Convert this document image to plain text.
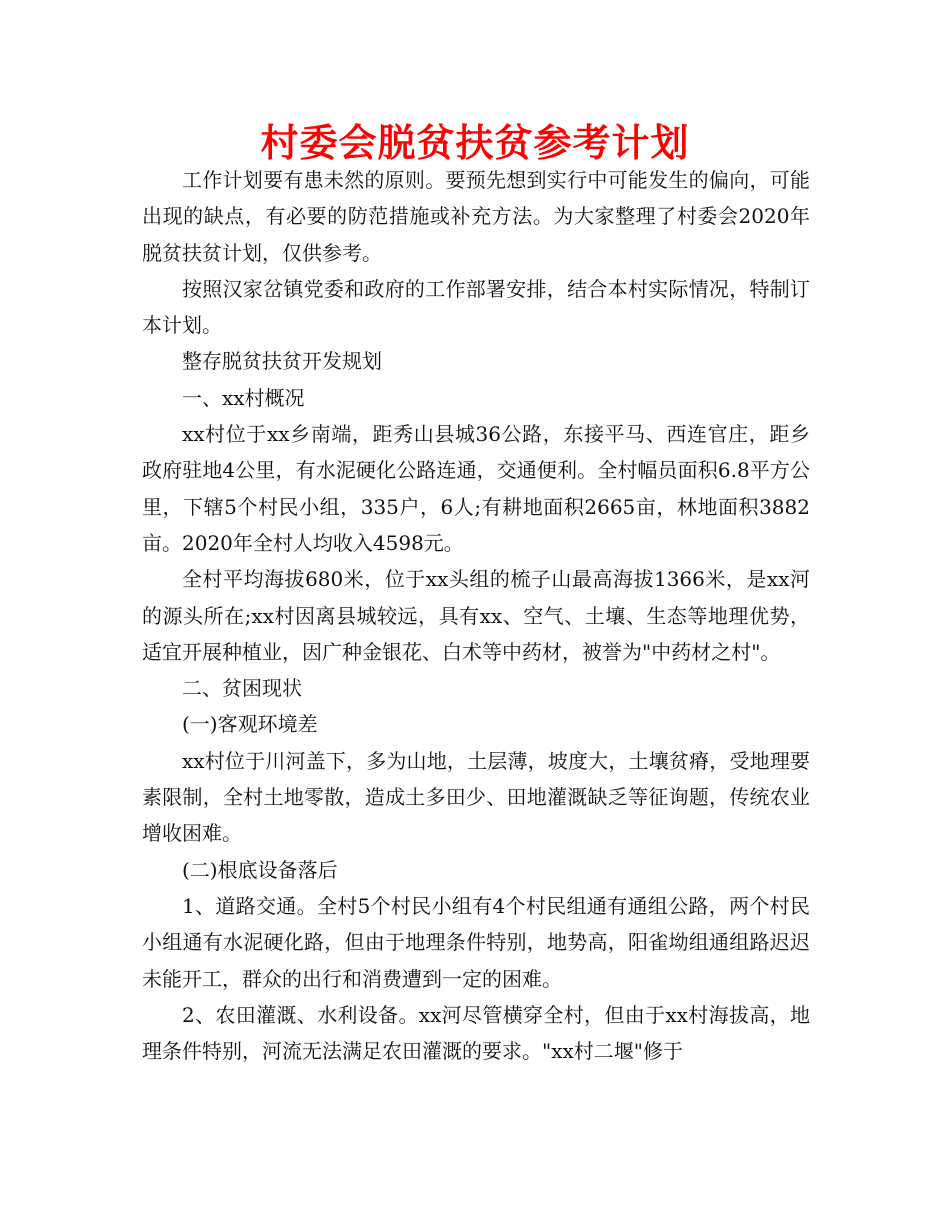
村委会脱贫扶贫参考计划

工作计划要有患未然的原则。要预先想到实行中可能发生的偏向，可能出现的缺点，有必要的防范措施或补充方法。为大家整理了村委会2020年脱贫扶贫计划，仅供参考。

按照汉家岔镇党委和政府的工作部署安排，结合本村实际情况，特制订本计划。

整存脱贫扶贫开发规划

一、xx村概况

xx村位于xx乡南端，距秀山县城36公路，东接平马、西连官庄，距乡政府驻地4公里，有水泥硬化公路连通，交通便利。全村幅员面积6.8平方公里，下辖5个村民小组，335户，6人;有耕地面积2665亩，林地面积3882亩。2020年全村人均收入4598元。

全村平均海拔680米，位于xx头组的梳子山最高海拔1366米，是xx河的源头所在;xx村因离县城较远，具有xx、空气、土壤、生态等地理优势，适宜开展种植业，因广种金银花、白术等中药材，被誉为"中药材之村"。

二、贫困现状

(一)客观环境差

xx村位于川河盖下，多为山地，土层薄，坡度大，土壤贫瘠，受地理要素限制，全村土地零散，造成土多田少、田地灌溉缺乏等征询题，传统农业增收困难。

(二)根底设备落后

1、道路交通。全村5个村民小组有4个村民组通有通组公路，两个村民小组通有水泥硬化路，但由于地理条件特别，地势高，阳雀坳组通组路迟迟未能开工，群众的出行和消费遭到一定的困难。

2、农田灌溉、水利设备。xx河尽管横穿全村，但由于xx村海拔高，地理条件特别，河流无法满足农田灌溉的要求。"xx村二堰"修于
